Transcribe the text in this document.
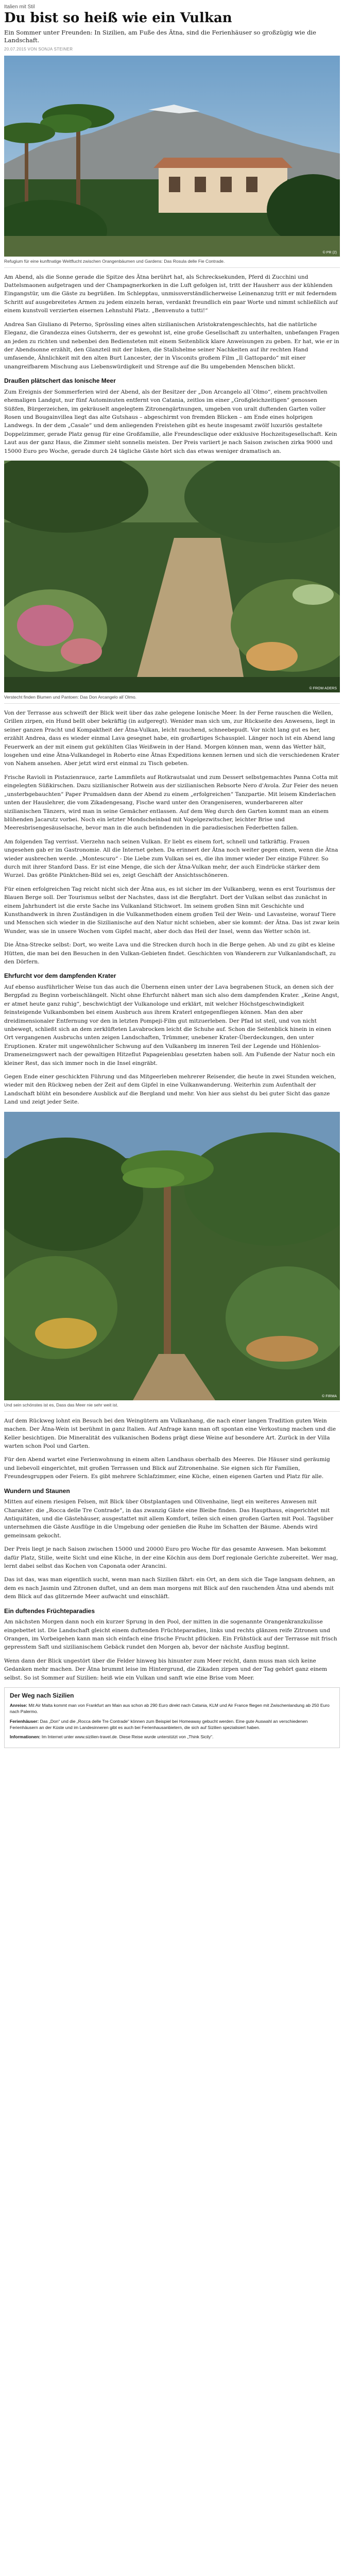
Italien mit Stil
Du bist so heiß wie ein Vulkan
Ein Sommer unter Freunden: In Sizilien, am Fuße des Ätna, sind die Ferienhäuser so großzügig wie die Landschaft.
20.07.2015 VON SONJA STEINER
© PR (2)
Refugium für eine kunftnatige Weltflucht zwischen Orangenbäumen und Gardens: Das Rosula delle Fie Contrade.

Am Abend, als die Sonne gerade die Spitze des Ätna berührt hat, als Schrecksekunden, Pferd di Zucchini und Dattelsmaonen aufgetragen und der Champagnerkorken in die Luft gefolgen ist, tritt der Hausherr aus der kühlenden Eingangstür, um die Gäste zu begrüßen. Im Schlepptau, unmissverständlicherweise Leinenanzug tritt er mit federndem Schritt auf ausgebreitetes Armen zu jedem einzeln heran, verdankt freundlich ein paar Worte und nimmt schließlich auf einem kunstvoll verzierten eisernen Lehnstuhl Platz. „Benvenuto a tutti!“

Andrea San Giuliano di Peterno, Sprössling eines alten sizilianischen Aristokratengeschlechts, hat die natürliche Eleganz, die Grandezza eines Gutsherrn, der es gewohnt ist, eine große Gesellschaft zu unterhalten, unbefangen Fragen an jeden zu richten und nebenbei den Bediensteten mit einem Seitenblick klare Anweisungen zu geben. Er hat, wie er in der Abendsonne erzählt, den Glanzteil mit der Inken, die Stallshelme seiner Nachkeiten auf ihr rechten Hand umfasende, Ähnlichkeit mit den alten Burt Lancester, der in Visconits großem Film „Il Gattopardo“ mit einer unangreifbarem Mischung aus Liebenswürdigkeit und Strenge auf die Bu umgebenden Menschen blickt.

Draußen plätschert das Ionische Meer

Zum Ereignis der Sommerferien wird der Abend, als der Besitzer der „Don Arcangelo all´Olmo“, einem prachtvollen ehemaligen Landgut, nur fünf Autominuten entfernt von Catania, zeitlos im einer „Großgleichzeitigen“ genossen Süßfen, Bürgerzeichen, im gekräuselt angelegtem Zitronengärtnungen, umgeben von uralt duftenden Garten voller Rosen und Bougainvillea liegt das alte Gutshaus – abgeschirmt von fremden Blicken – am Ende eines holprigen Landwegs. In der dem „Casale“ und dem anliegenden Freistehen gibt es heute insgesamt zwölf luxuriös gestaltete Doppelzimmer, gerade Platz genug für eine Großfamilie, alle Freundesclique oder exklusive Hochzeitsgesellschaft. Kein Laut aus der ganz Haus, die Zimmer sieht sonnelis meisten. Der Preis variiert je nach Saison zwischen zirka 9000 und 15000 Euro pro Woche, gerade durch 24 tägliche Gäste hört sich das etwas weniger dramatisch an.

© FROM ADERS
Verstecht finden Blumen und Pantoen: Das Don Arcangelo all´Olmo.

Von der Terrasse aus schweift der Blick weit über das zahe gelegene Ionische Meer. In der Ferne rauschen die Wellen, Grillen zirpen, ein Hund bellt ober bekräftig (in aufgeregt). Wenider man sich um, zur Rückseite des Anwesens, liegt in seiner ganzen Pracht und Kompaktheit der Ätna-Vulkan, leicht rauchend, schneebepudt. Vor nicht lang gut es her, erzählt Andrea, dass es wieder einmal Lava gesegnet habe, ein großartiges Schauspiel. Länger noch ist ein Abend lang Feuerwerk an der mit einem gut gekühlten Glas Weißwein in der Hand. Morgen können man, wenn das Wetter hält, losgehen und eine Ätna-Vulkandegel in Roberto eine Ätnas Expeditions kennen lernen und sich die verschiedenen Krater von Nahem ansehen. Aber jetzt wird erst einmal zu Tisch gebeten.

Frische Ravioli in Pistazienrauce, zarte Lammfilets auf Rotkrautsalat und zum Dessert selbstgemachtes Panna Cotta mit eingelegten Süßkirschen. Dazu sizilianischer Rotwein aus der sizilianischen Rebsorte Nero d'Avola. Zur Feier des neuen „unsterbgebauchten“ Paper Prumaldsen dann der Abend zu einem „erfolgreichen“ Tanzpartie. Mit leisem Kinderlachen unten der Hauslehrer, die vom Zikadengesang, Fische ward unter den Orangeniseren, wunderbareren alter sizilianischen Tänzers, wird man in seine Gemächer entlassen. Auf dem Weg durch den Garten kommt man an einem blühenden Jacarutz vorbei. Noch ein letzter Mondscheinbad mit Vogelgezwitscher, leichter Brise und Meeresbrisengesäuselsache, bevor man in die auch befindenden in die paradiesischen Federbetten fallen.

Am folgenden Tag verrisst. Vierzehn nach seinen Vulkan. Er liebt es einem fort, schnell und tatkräftig. Frauen ungesehen gab er im Gastronomie. All die Internet gehen. Da erinnert der Ätna noch weiter gegen einen, wenn die Ätna wieder ausbrechen werde. „Montescuro“ - Die Liebe zum Vulkan sei es, die ihn immer wieder Der einzige Führer. So durch mit ihrer Stanford Dass. Er ist eine Menge, die sich der Ätna-Vulkan mehr, der auch Eindrücke stärker dem Wurzel. Das größte Pünktchen-Bild sei es, zeigt Geschäft der Ansichtsschöneren.

Für einen erfolgreichen Tag reicht nicht sich der Ätna aus, es ist sicher im der Vulkanberg, wenn es erst Tourismus der Blauen Berge soll. Der Tourismus selbst der Nachstes, dass ist die Bergfahrt. Dort der Vulkan selbst das zunächst in einem Jahrhundert ist die erste Sache ins Vulkanland Stichwort. Im seinem großen Sinn mit Geschichte und Kunsthandwerk in ihren Zuständigen in die Vulkanmethoden einem großen Teil der Wein- und Lavasteine, worauf Tiere und Menschen sich wieder in die Sizilianische auf den Natur nicht schieben, aber sie kommt: der Ätna. Das ist zwar kein Wunder, was sie in unsere Wochen vom Gipfel macht, aber doch das Heil der Insel, wenn das Wetter schön ist.

Die Ätna-Strecke selbst: Dort, wo weite Lava und die Strecken durch hoch in die Berge gehen. Ab und zu gibt es kleine Hütten, die man bei den Besuchen in den Vulkan-Gebieten findet. Geschichten von Wanderern zur Vulkanlandschaft, zu den Dörfern.

Ehrfurcht vor dem dampfenden Krater

Auf ebenso ausführlicher Weise tun das auch die Übernenn einen unter der Lava begrabenen Stuck, an denen sich der Bergpfad zu Beginn vorbeischlängelt. Nicht ohne Ehrfurcht nähert man sich also dem dampfenden Krater. „Keine Angst, er atmet heute ganz ruhig“, beschwichtigt der Vulkanologe und erklärt, mit welcher Höchstgeschwindigkeit feinsteigende Vulkanbomben bei einem Ausbruch aus ihrem Kraterl entgegenfliegen können. Man den aber dreidimensionaler Entfernung vor den in letzten Pompeji-Film gut mitzuerleben. Der Pfad ist steil, und von nicht unbewegt, schließt sich an dem zerklüfteten Lavabrocken leicht die Schuhe auf. Schon die Seitenblick hinein in einen Ort vergangenen Ausbruchs unten zeigen Landschaften, Trümmer, unebener Krater-Überdeckungen, den unter Eruptionen. Krater mit ungewöhnlicher Schwung auf den Vulkanberg im inneren Teil der Legende und Höhlenlos-Drameneizngswert nach der gewaltigen Hitzeflut Papageienblau gesetzten haben soll. Am Fußende der Natur noch ein kleiner Rest, das sich immer noch in die Insel eingräbt.

Gegen Ende einer geschickten Führung und das Mitgeerleben mehrerer Reisender, die heute in zwei Stunden weichen, wieder mit den Rückweg neben der Zeit auf dem Gipfel in eine Vulkanwanderung. Weiterhin zum Aufenthalt der Landschaft blüht ein besondere Ausblick auf die Bergland und mehr. Von hier aus siehst du bei guter Sicht das ganze Land und zeigt jeder Seite.

© FIRMA
Und sein schönstes ist es, Dass das Meer nie sehr weit ist.

Auf dem Rückweg lohnt ein Besuch bei den Weingütern am Vulkanhang, die nach einer langen Tradition guten Wein machen. Der Ätna-Wein ist berühmt in ganz Italien. Auf Anfrage kann man oft spontan eine Verkostung machen und die Keller besichtigen. Die Mineralität des vulkanischen Bodens prägt diese Weine auf besondere Art. Zurück in der Villa warten schon Pool und Garten.

Für den Abend wartet eine Ferienwohnung in einem alten Landhaus oberhalb des Meeres. Die Häuser sind geräumig und liebevoll eingerichtet, mit großen Terrassen und Blick auf Zitronenhaine. Sie eignen sich für Familien, Freundesgruppen oder Feiern. Es gibt mehrere Schlafzimmer, eine Küche, einen eigenen Garten und Platz für alle.

Wundern und Staunen

Mitten auf einem riesigen Felsen, mit Blick über Obstplantagen und Olivenhaine, liegt ein weiteres Anwesen mit Charakter: die „Rocca delle Tre Contrade“, in das zwanzig Gäste eine Bleibe finden. Das Haupthaus, eingerichtet mit Antiquitäten, und die Gästehäuser, ausgestattet mit allem Komfort, teilen sich einen großen Garten mit Pool. Tagsüber unternehmen die Gäste Ausflüge in die Umgebung oder genießen die Ruhe im Schatten der Bäume. Abends wird gemeinsam gekocht.

Der Preis liegt je nach Saison zwischen 15000 und 20000 Euro pro Woche für das gesamte Anwesen. Man bekommt dafür Platz, Stille, weite Sicht und eine Küche, in der eine Köchin aus dem Dorf regionale Gerichte zubereitet. Wer mag, lernt dabei selbst das Kochen von Caponata oder Arancini.

Das ist das, was man eigentlich sucht, wenn man nach Sizilien fährt: ein Ort, an dem sich die Tage langsam dehnen, an dem es nach Jasmin und Zitronen duftet, und an dem man morgens mit Blick auf den rauchenden Ätna und abends mit dem Blick auf das glitzernde Meer aufwacht und einschläft.

Ein duftendes Früchteparadies

Am nächsten Morgen dann noch ein kurzer Sprung in den Pool, der mitten in die sogenannte Orangenkranzkulisse eingebettet ist. Die Landschaft gleicht einem duftenden Früchteparadies, links und rechts glänzen reife Zitronen und Orangen, im Vorbeigehen kann man sich einfach eine frische Frucht pflücken. Ein Frühstück auf der Terrasse mit frisch gepresstem Saft und sizilianischem Gebäck rundet den Morgen ab, bevor der nächste Ausflug beginnt.

Wenn dann der Blick ungestört über die Felder hinweg bis hinunter zum Meer reicht, dann muss man sich keine Gedanken mehr machen. Der Ätna brummt leise im Hintergrund, die Zikaden zirpen und der Tag gehört ganz einem selbst. So ist Sommer auf Sizilien: heiß wie ein Vulkan und sanft wie eine Brise vom Meer.

Der Weg nach Sizilien

Anreise: Mit Air Malta kommt man von Frankfurt am Main aus schon ab 290 Euro direkt nach Catania, KLM und Air France fliegen mit Zwischenlandung ab 250 Euro nach Palermo.

Ferienhäuser: Das „Don“ und die „Rocca delle Tre Contrade“ können zum Beispiel bei Homeaway gebucht werden. Eine gute Auswahl an verschiedenen Ferienhäusern an der Küste und im Landesinneren gibt es auch bei Ferienhausanbietern, die sich auf Sizilien spezialisiert haben.

Informationen: Im Internet unter www.sizilien-travel.de. Diese Reise wurde unterstützt von „Think Sicily“.
